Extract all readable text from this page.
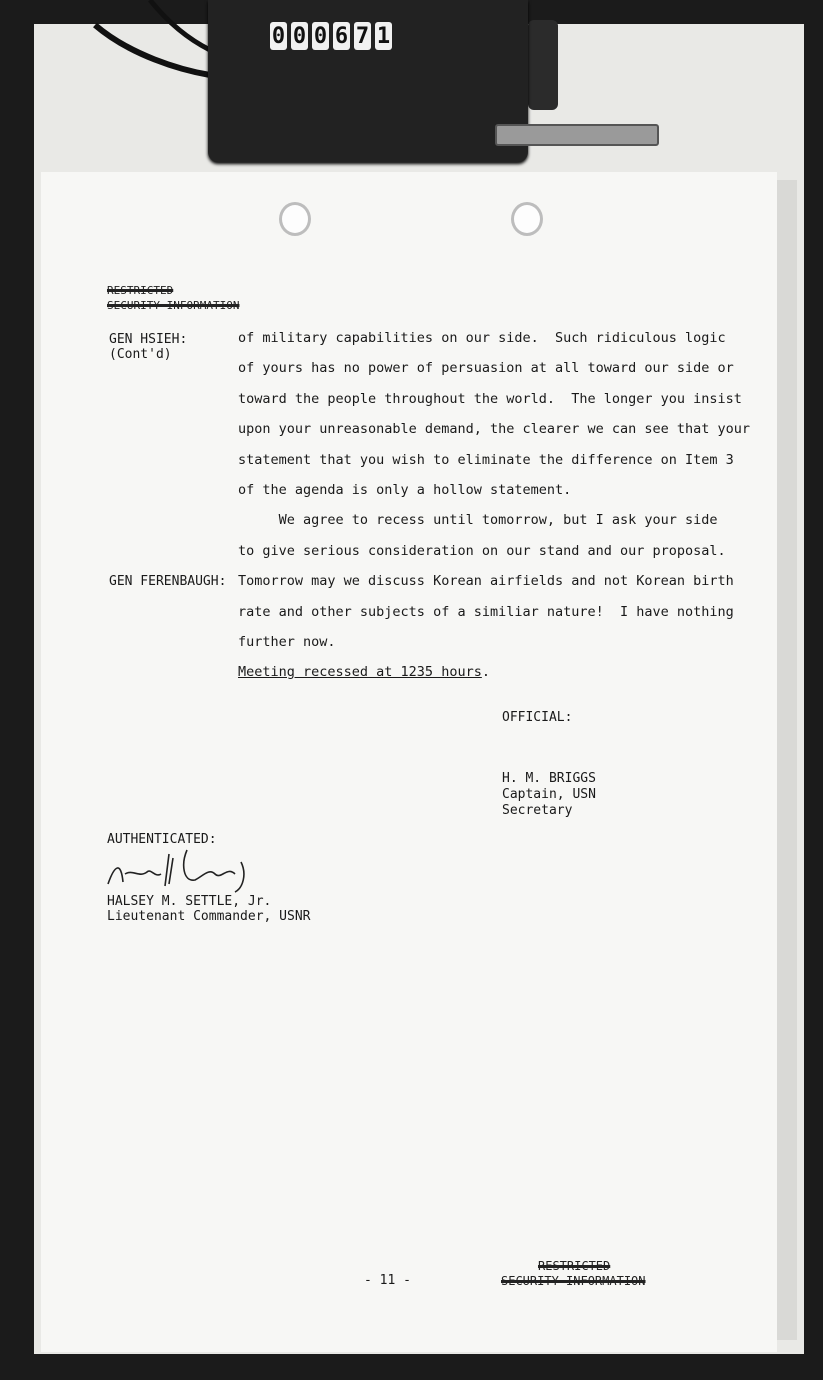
0 0 0 6 7 1
RESTRICTED
SECURITY INFORMATION
GEN HSIEH:
(Cont'd)
GEN FERENBAUGH:
of military capabilities on our side.  Such ridiculous logic
of yours has no power of persuasion at all toward our side or
toward the people throughout the world.  The longer you insist
upon your unreasonable demand, the clearer we can see that your
statement that you wish to eliminate the difference on Item 3
of the agenda is only a hollow statement.
We agree to recess until tomorrow, but I ask your side
to give serious consideration on our stand and our proposal.
Tomorrow may we discuss Korean airfields and not Korean birth
rate and other subjects of a similiar nature!  I have nothing
further now.
Meeting recessed at 1235 hours.
OFFICIAL:
H. M. BRIGGS
Captain, USN
Secretary
AUTHENTICATED:
HALSEY M. SETTLE, Jr.
Lieutenant Commander, USNR
- 11 -
RESTRICTED
SECURITY INFORMATION
